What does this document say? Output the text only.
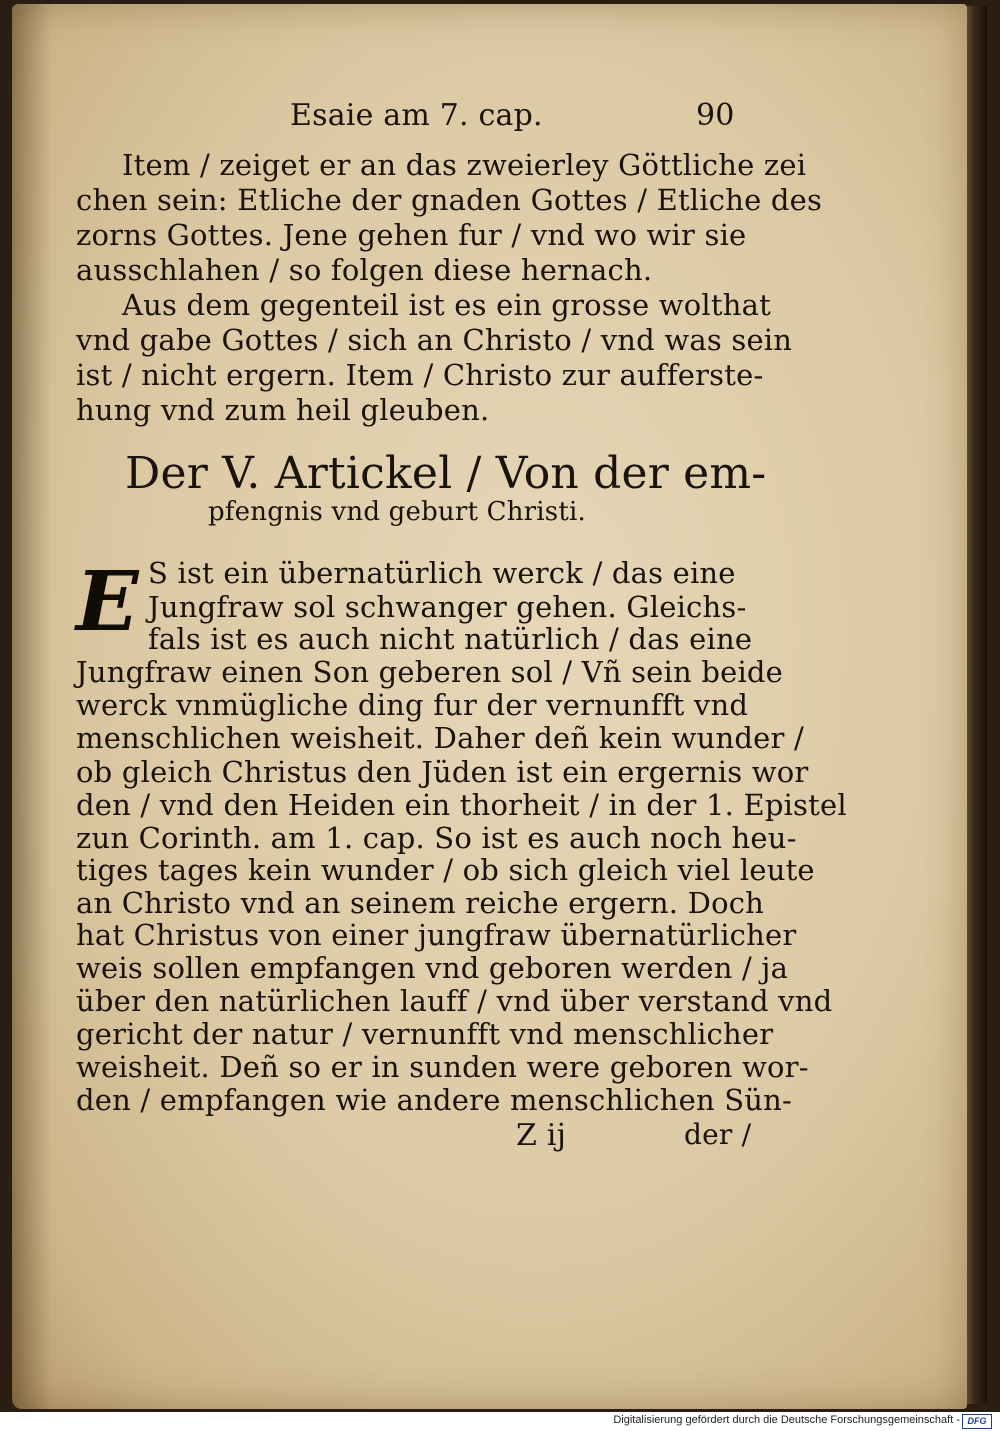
Esaie am 7. cap.	90
Item / zeiget er an das zweierley Göttliche zei
chen sein: Etliche der gnaden Gottes / Etliche des
zorns Gottes. Jene gehen fur / vnd wo wir sie
ausschlahen / so folgen diese hernach.
Aus dem gegenteil ist es ein grosse wolthat
vnd gabe Gottes / sich an Christo / vnd was sein
ist / nicht ergern. Item / Christo zur aufferste-
hung vnd zum heil gleuben.
Der V. Artickel / Von der em-
pfengnis vnd geburt Christi.
E S ist ein übernatürlich werck / das eine
Jungfraw sol schwanger gehen. Gleichs-
fals ist es auch nicht natürlich / das eine
Jungfraw einen Son geberen sol / Vñ sein beide
werck vnmügliche ding fur der vernunfft vnd
menschlichen weisheit. Daher deñ kein wunder /
ob gleich Christus den Jüden ist ein ergernis wor
den / vnd den Heiden ein thorheit / in der 1. Epistel
zun Corinth. am 1. cap. So ist es auch noch heu-
tiges tages kein wunder / ob sich gleich viel leute
an Christo vnd an seinem reiche ergern. Doch
hat Christus von einer jungfraw übernatürlicher
weis sollen empfangen vnd geboren werden / ja
über den natürlichen lauff / vnd über verstand vnd
gericht der natur / vernunfft vnd menschlicher
weisheit. Deñ so er in sunden were geboren wor-
den / empfangen wie andere menschlichen Sün-
Z ij	der /
Digitalisierung gefördert durch die Deutsche Forschungsgemeinschaft - DFG
